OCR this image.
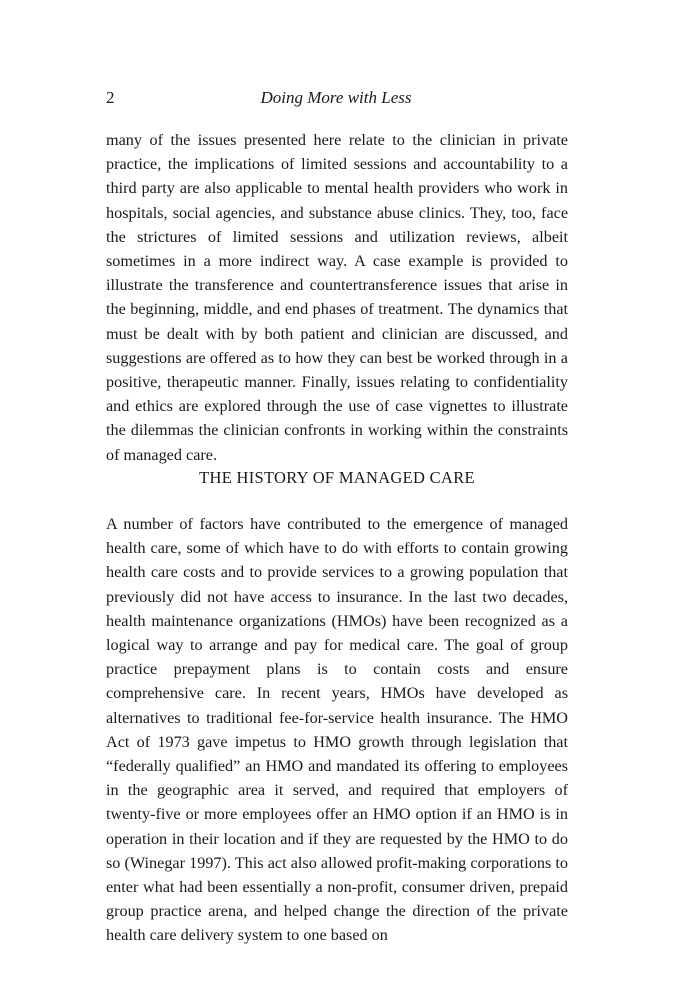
2	Doing More with Less

many of the issues presented here relate to the clinician in private practice, the implications of limited sessions and accountability to a third party are also applicable to mental health providers who work in hospitals, social agencies, and substance abuse clinics. They, too, face the strictures of limited sessions and utilization reviews, albeit sometimes in a more indirect way. A case example is provided to illustrate the transference and countertransference issues that arise in the beginning, middle, and end phases of treatment. The dynamics that must be dealt with by both patient and clinician are discussed, and suggestions are offered as to how they can best be worked through in a positive, therapeutic manner. Finally, issues relating to confidentiality and ethics are explored through the use of case vignettes to illustrate the dilemmas the clinician confronts in working within the constraints of managed care.

THE HISTORY OF MANAGED CARE

A number of factors have contributed to the emergence of managed health care, some of which have to do with efforts to contain growing health care costs and to provide services to a growing population that previously did not have access to insurance. In the last two decades, health maintenance organizations (HMOs) have been recognized as a logical way to arrange and pay for medical care. The goal of group practice prepayment plans is to contain costs and ensure comprehensive care. In recent years, HMOs have developed as alternatives to traditional fee-for-service health insurance. The HMO Act of 1973 gave impetus to HMO growth through legislation that “federally qualified” an HMO and mandated its offering to employees in the geographic area it served, and required that employers of twenty-five or more employees offer an HMO option if an HMO is in operation in their location and if they are requested by the HMO to do so (Winegar 1997). This act also allowed profit-making corporations to enter what had been essentially a non-profit, consumer driven, prepaid group practice arena, and helped change the direction of the private health care delivery system to one based on
